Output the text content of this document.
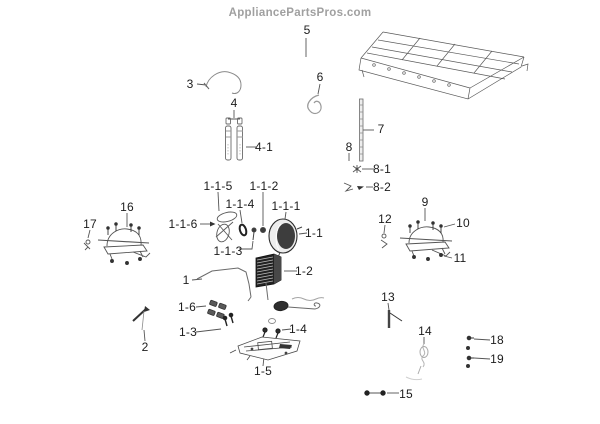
AppliancePartsPros.com
5
3
4
4-1
6
7
8
8-1
8-2
1-1-5 1-1-2
1-1-4 1-1-1
1-1-6
1-1-3
1-1
1-2
16
17
9
12	10
11
1
1-6
1-3	1-4
1-5
2
13
14
18
19
15
